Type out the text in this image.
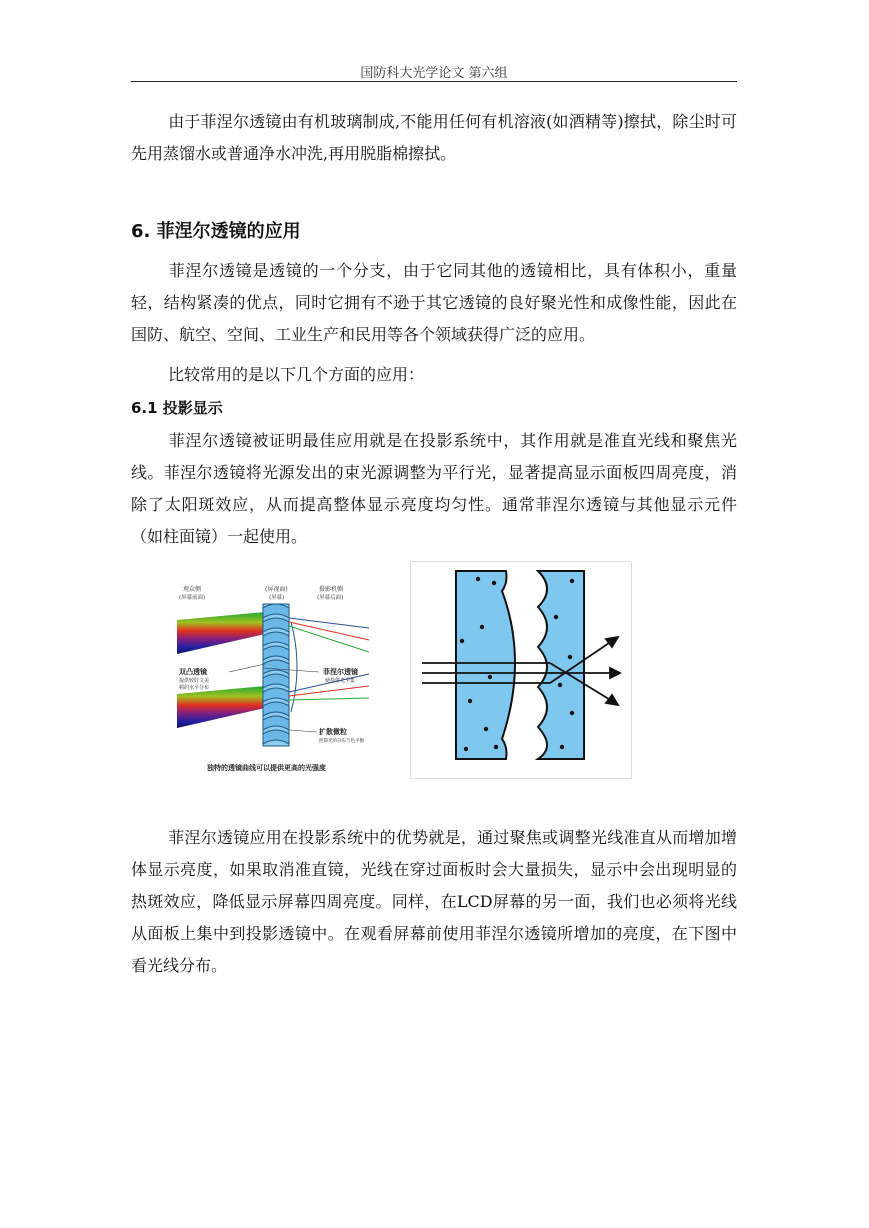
国防科大光学论文 第六组

由于菲涅尔透镜由有机玻璃制成,不能用任何有机溶液(如酒精等)擦拭，除尘时可先用蒸馏水或普通净水冲洗,再用脱脂棉擦拭。

6. 菲涅尔透镜的应用

菲涅尔透镜是透镜的一个分支，由于它同其他的透镜相比，具有体积小，重量轻，结构紧凑的优点，同时它拥有不逊于其它透镜的良好聚光性和成像性能，因此在国防、航空、空间、工业生产和民用等各个领域获得广泛的应用。

比较常用的是以下几个方面的应用：

6.1 投影显示

菲涅尔透镜被证明最佳应用就是在投影系统中，其作用就是准直光线和聚焦光线。菲涅尔透镜将光源发出的束光源调整为平行光，显著提高显示面板四周亮度，消除了太阳斑效应，从而提高整体显示亮度均匀性。通常菲涅尔透镜与其他显示元件（如柱面镜）一起使用。

观众侧
(屏幕前面)
(屏视面)
(屏幕)
摄影机侧
(屏幕后面)
双凸透镜
提供较好文美
顿的水平分布
菲涅尔透镜
使投射光至集
扩散微粒
控制光的分布与色平衡
独特的透镜曲线可以提供更高的光强度

菲涅尔透镜应用在投影系统中的优势就是，通过聚焦或调整光线准直从而增加增体显示亮度，如果取消准直镜，光线在穿过面板时会大量损失，显示中会出现明显的热斑效应，降低显示屏幕四周亮度。同样，在LCD屏幕的另一面，我们也必须将光线从面板上集中到投影透镜中。在观看屏幕前使用菲涅尔透镜所增加的亮度，在下图中看光线分布。
